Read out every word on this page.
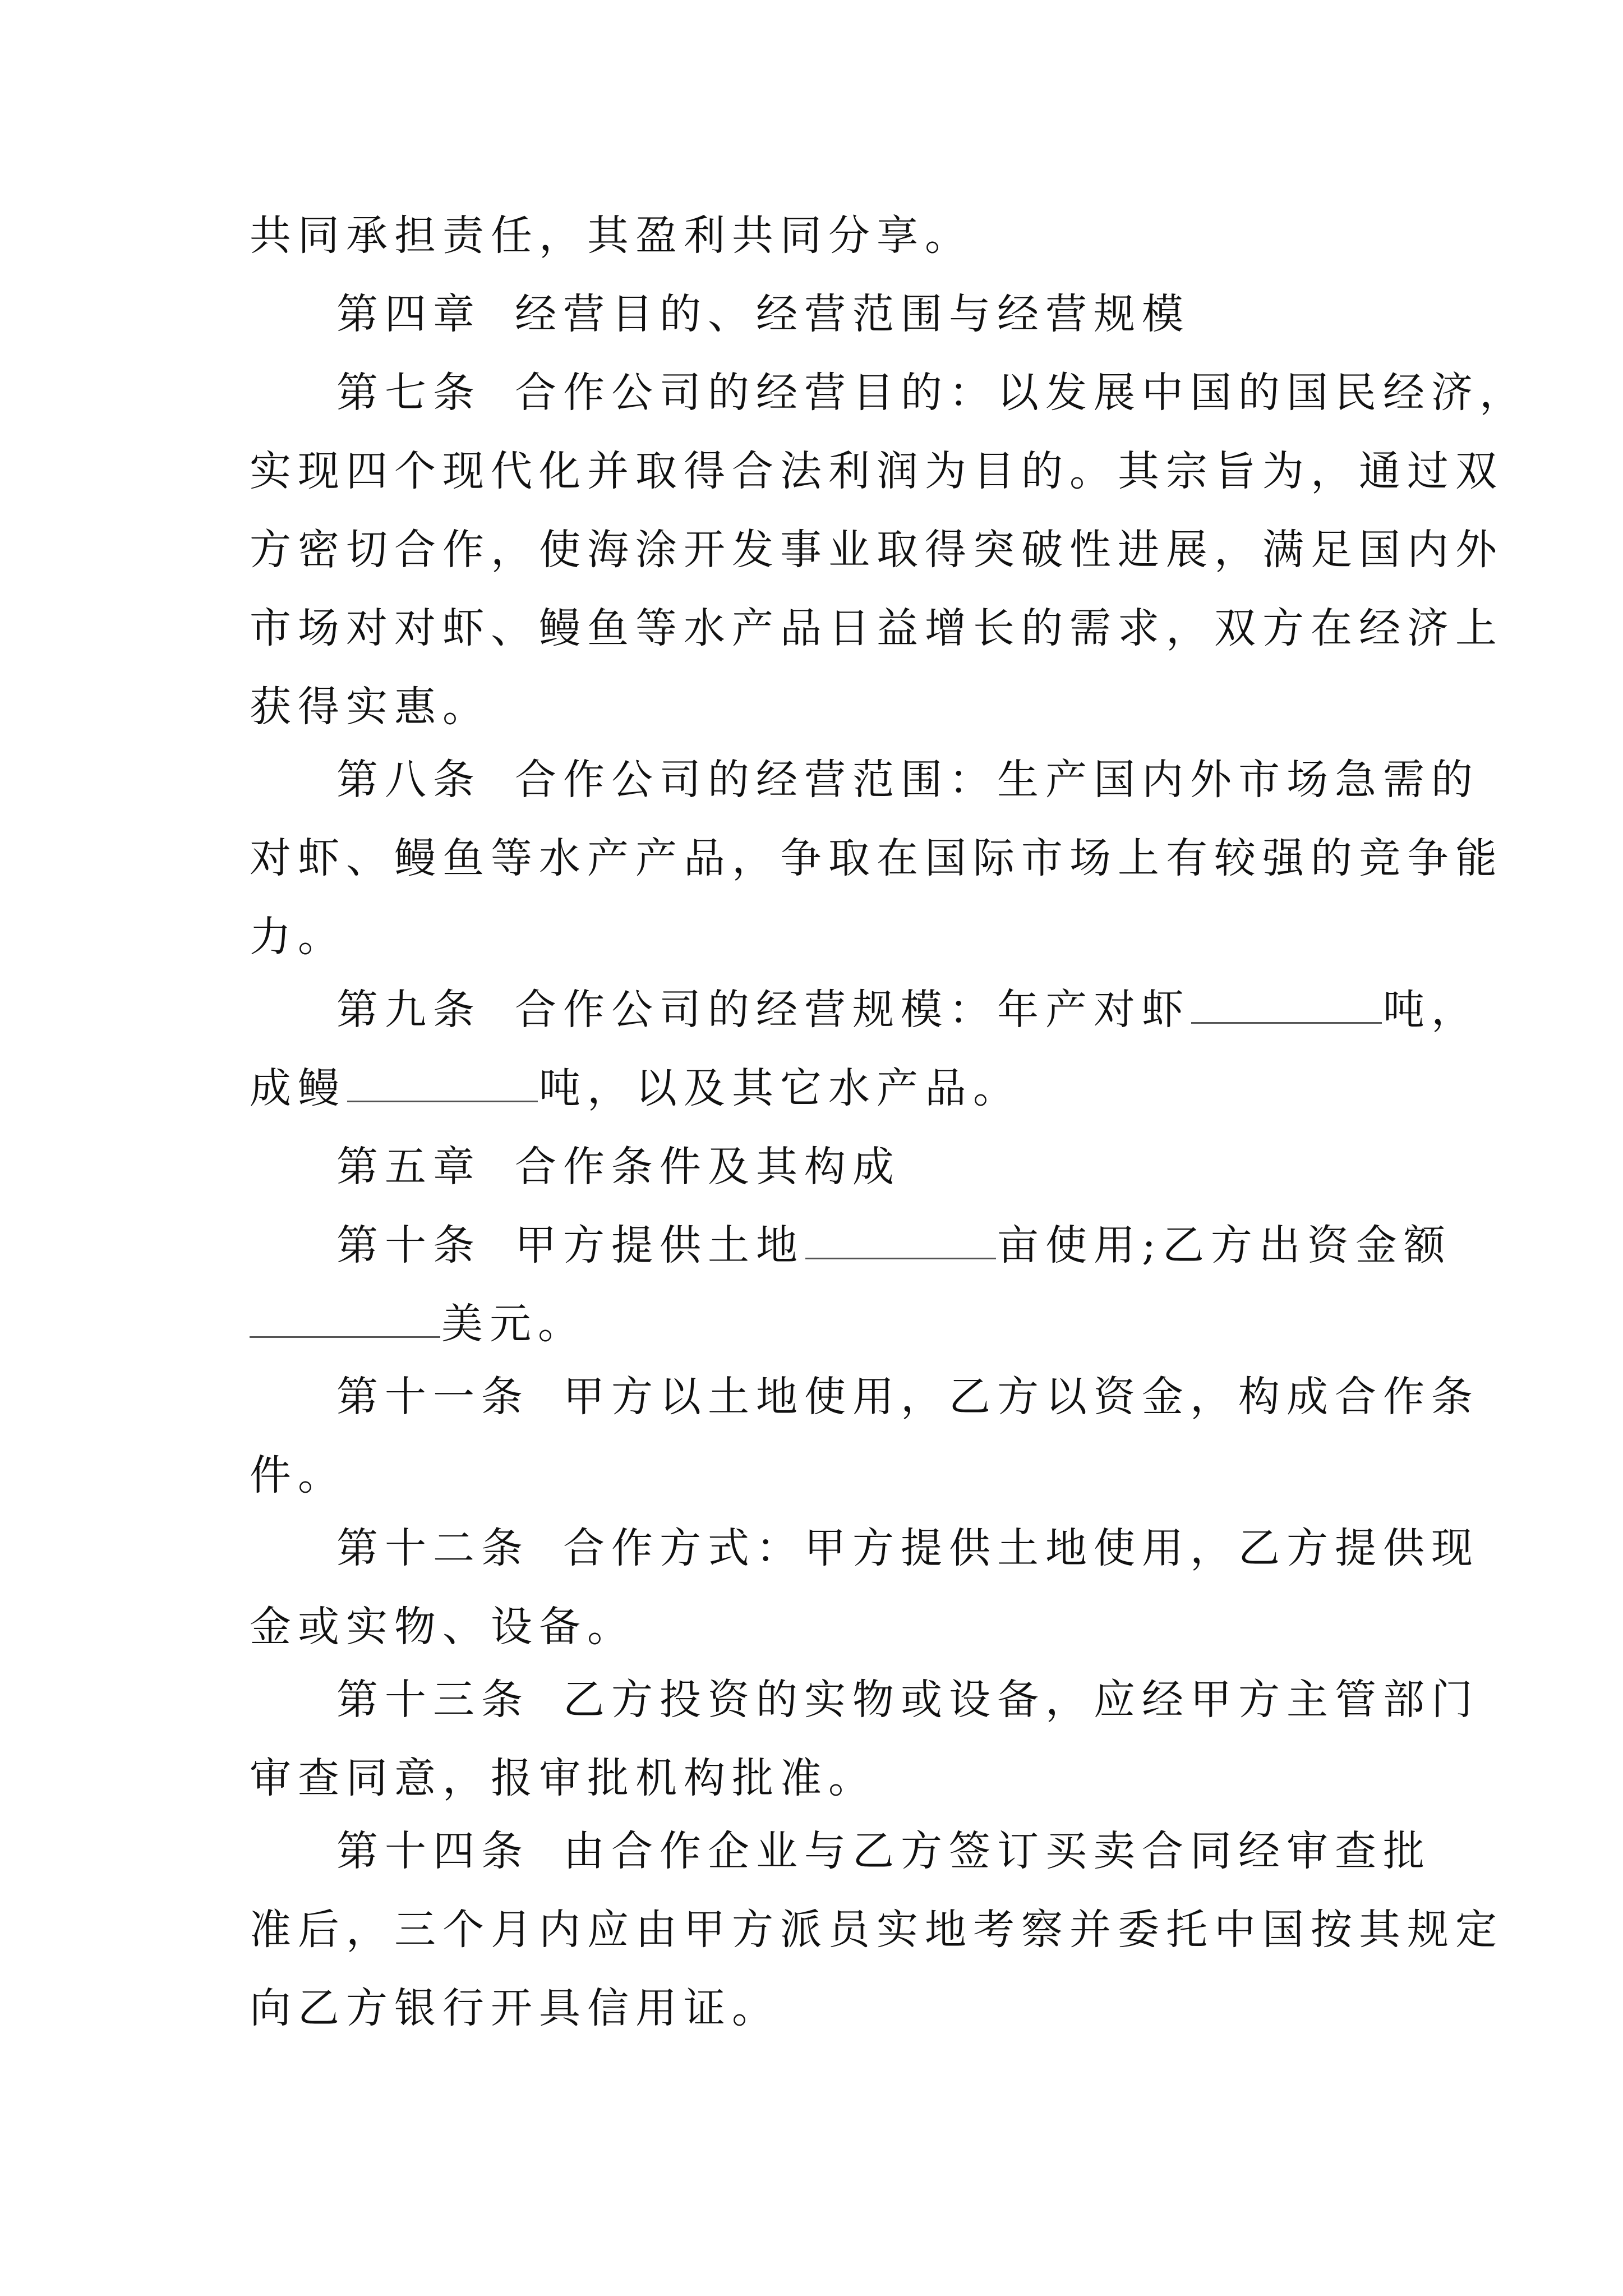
共同承担责任，其盈利共同分享。
第四章 经营目的、经营范围与经营规模
第七条 合作公司的经营目的：以发展中国的国民经济，
实现四个现代化并取得合法利润为目的。其宗旨为，通过双
方密切合作，使海涂开发事业取得突破性进展，满足国内外
市场对对虾、鳗鱼等水产品日益增长的需求，双方在经济上
获得实惠。
第八条 合作公司的经营范围：生产国内外市场急需的
对虾、鳗鱼等水产产品，争取在国际市场上有较强的竞争能
力。
第九条 合作公司的经营规模：年产对虾	吨，
成鳗	吨，以及其它水产品。
第五章 合作条件及其构成
第十条 甲方提供土地	亩使用;乙方出资金额
美元。
第十一条 甲方以土地使用，乙方以资金，构成合作条
件。
第十二条 合作方式：甲方提供土地使用，乙方提供现
金或实物、设备。
第十三条 乙方投资的实物或设备，应经甲方主管部门
审查同意，报审批机构批准。
第十四条 由合作企业与乙方签订买卖合同经审查批
准后，三个月内应由甲方派员实地考察并委托中国按其规定
向乙方银行开具信用证。
